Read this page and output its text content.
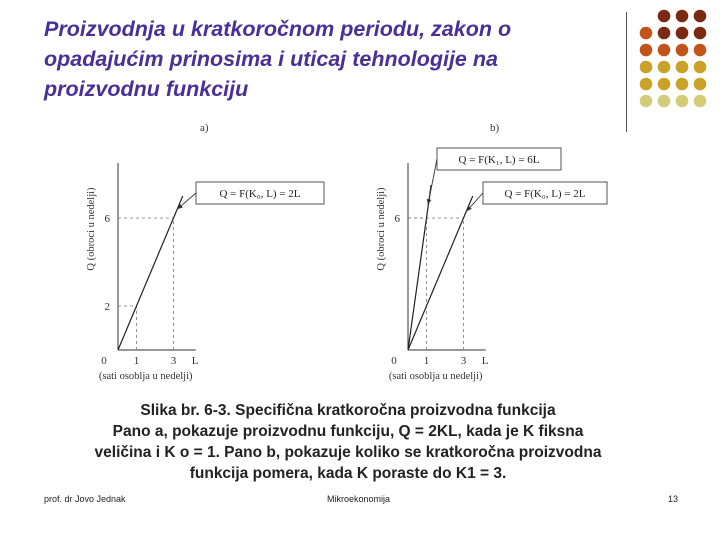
Proizvodnja u kratkoročnom periodu, zakon o
opadajućim prinosima i uticaj tehnologije na
proizvodnu funkciju
a)
0 1	3
2
6
L
(sati osoblja u nedelji)
Q (obroci u nedelji)	Q = F(K₀, L) = 2L
b)
0 1	3
6
L
(sati osoblja u nedelji)
Q (obroci u nedelji)
Q = F(K₁, L) = 6L
Q = F(K₀, L) = 2L
Slika br. 6-3. Specifična kratkoročna proizvodna funkcija
Pano a, pokazuje proizvodnu funkciju, Q = 2KL, kada je K fiksna
veličina i K o = 1. Pano b, pokazuje koliko se kratkoročna proizvodna
funkcija pomera, kada K poraste do K1 = 3.
prof. dr Jovo Jednak	Mikroekonomija	13
